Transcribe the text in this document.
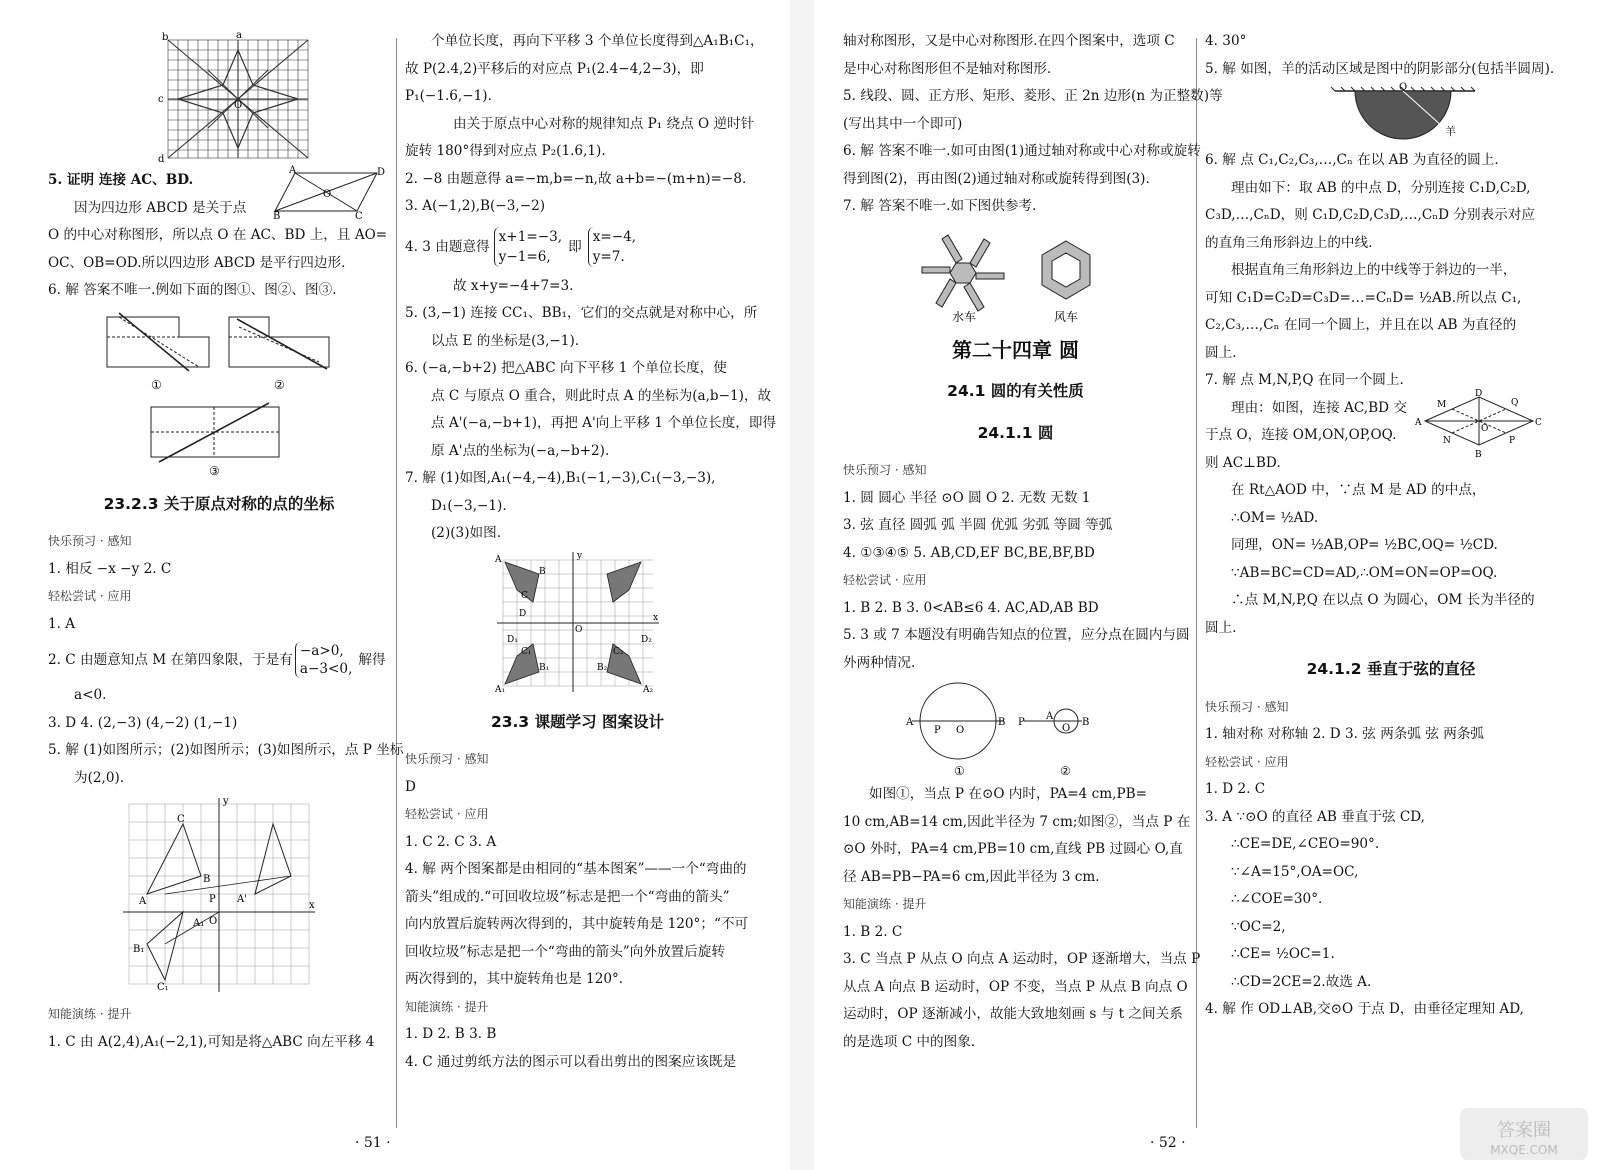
b	a
c
d
O
A
B	C
D
O

5. 证明 连接 AC、BD.

因为四边形 ABCD 是关于点

O 的中心对称图形，所以点 O 在 AC、BD 上，且 AO=

OC、OB=OD.所以四边形 ABCD 是平行四边形.

6. 解 答案不唯一.例如下面的图①、图②、图③.

①	②
③

23.2.3 关于原点对称的点的坐标

快乐预习 · 感知

1. 相反 −x −y 2. C

轻松尝试 · 应用

1. A

2. C 由题意知点 M 在第四象限，于是有
−a>0,
a−3<0,
解得

a<0.

3. D 4. (2,−3) (4,−2) (1,−1)

5. 解 (1)如图所示；(2)如图所示；(3)如图所示，点 P 坐标

为(2,0).

y
x
C
B
A
A₁
B₁
C₁
P A'
O

知能演练 · 提升

1. C 由 A(2,4),A₁(−2,1),可知是将△ABC 向左平移 4

个单位长度，再向下平移 3 个单位长度得到△A₁B₁C₁，

故 P(2.4,2)平移后的对应点 P₁(2.4−4,2−3)，即

P₁(−1.6,−1).

由关于原点中心对称的规律知点 P₁ 绕点 O 逆时针

旋转 180°得到对应点 P₂(1.6,1).

2. −8 由题意得 a=−m,b=−n,故 a+b=−(m+n)=−8.

3. A(−1,2),B(−3,−2)

4. 3 由题意得
x+1=−3,
y−1=6,
即
x=−4,
y=7.

故 x+y=−4+7=3.

5. (3,−1) 连接 CC₁、BB₁，它们的交点就是对称中心，所

以点 E 的坐标是(3,−1).

6. (−a,−b+2) 把△ABC 向下平移 1 个单位长度，使

点 C 与原点 O 重合，则此时点 A 的坐标为(a,b−1)，故

点 A'(−a,−b+1)，再把 A'向上平移 1 个单位长度，即得

原 A'点的坐标为(−a,−b+2).

7. 解 (1)如图,A₁(−4,−4),B₁(−1,−3),C₁(−3,−3),

D₁(−3,−1).

(2)(3)如图.

A
B
C
D
A₁
B₁
C₁
D₁
A₂
B₂
C₂
D₂
y
x
O

23.3 课题学习 图案设计

快乐预习 · 感知

D

轻松尝试 · 应用

1. C 2. C 3. A

4. 解 两个图案都是由相同的“基本图案”——一个“弯曲的

箭头”组成的.“可回收垃圾”标志是把一个“弯曲的箭头”

向内放置后旋转两次得到的，其中旋转角是 120°；“不可

回收垃圾”标志是把一个“弯曲的箭头”向外放置后旋转

两次得到的，其中旋转角也是 120°.

知能演练 · 提升

1. D 2. B 3. B

4. C 通过剪纸方法的图示可以看出剪出的图案应该既是

· 51 ·

轴对称图形，又是中心对称图形.在四个图案中，选项 C

是中心对称图形但不是轴对称图形.

5. 线段、圆、正方形、矩形、菱形、正 2n 边形(n 为正整数)等

(写出其中一个即可)

6. 解 答案不唯一.如可由图(1)通过轴对称或中心对称或旋转

得到图(2)，再由图(2)通过轴对称或旋转得到图(3).

7. 解 答案不唯一.如下图供参考.

水车	风车

第二十四章 圆

24.1 圆的有关性质

24.1.1 圆

快乐预习 · 感知

1. 圆 圆心 半径 ⊙O 圆 O 2. 无数 无数 1

3. 弦 直径 圆弧 弧 半圆 优弧 劣弧 等圆 等弧

4. ①③④⑤ 5. AB,CD,EF BC,BE,BF,BD

轻松尝试 · 应用

1. B 2. B 3. 0<AB≤6 4. AC,AD,AB BD

5. 3 或 7 本题没有明确告知点的位置，应分点在圆内与圆

外两种情况.

A
P O
B
①
P
A
O
B
②

如图①，当点 P 在⊙O 内时，PA=4 cm,PB=

10 cm,AB=14 cm,因此半径为 7 cm;如图②，当点 P 在

⊙O 外时，PA=4 cm,PB=10 cm,直线 PB 过圆心 O,直

径 AB=PB−PA=6 cm,因此半径为 3 cm.

知能演练 · 提升

1. B 2. C

3. C 当点 P 从点 O 向点 A 运动时，OP 逐渐增大，当点 P

从点 A 向点 B 运动时，OP 不变，当点 P 从点 B 向点 O

运动时，OP 逐渐减小，故能大致地刻画 s 与 t 之间关系

的是选项 C 中的图象.

4. 30°

5. 解 如图，羊的活动区域是图中的阴影部分(包括半圆周).

Q
羊

6. 解 点 C₁,C₂,C₃,…,Cₙ 在以 AB 为直径的圆上.

理由如下：取 AB 的中点 D，分别连接 C₁D,C₂D,

C₃D,…,CₙD，则 C₁D,C₂D,C₃D,…,CₙD 分别表示对应

的直角三角形斜边上的中线.

根据直角三角形斜边上的中线等于斜边的一半，

可知 C₁D=C₂D=C₃D=…=CₙD= ½AB.所以点 C₁,

C₂,C₃,…,Cₙ 在同一个圆上，并且在以 AB 为直径的

圆上.

7. 解 点 M,N,P,Q 在同一个圆上.

M	Q
A	C
N	P
B
D
O

理由：如图，连接 AC,BD 交

于点 O，连接 OM,ON,OP,OQ.

则 AC⊥BD.

在 Rt△AOD 中，∵点 M 是 AD 的中点，

∴OM= ½AD.

同理，ON= ½AB,OP= ½BC,OQ= ½CD.

∵AB=BC=CD=AD,∴OM=ON=OP=OQ.

∴点 M,N,P,Q 在以点 O 为圆心，OM 长为半径的

圆上.

24.1.2 垂直于弦的直径

快乐预习 · 感知

1. 轴对称 对称轴 2. D 3. 弦 两条弧 弦 两条弧

轻松尝试 · 应用

1. D 2. C

3. A ∵⊙O 的直径 AB 垂直于弦 CD,

∴CE=DE,∠CEO=90°.

∵∠A=15°,OA=OC,

∴∠COE=30°.

∵OC=2,

∴CE= ½OC=1.

∴CD=2CE=2.故选 A.

4. 解 作 OD⊥AB,交⊙O 于点 D，由垂径定理知 AD,

· 52 ·
答案圈
MXQE.COM
